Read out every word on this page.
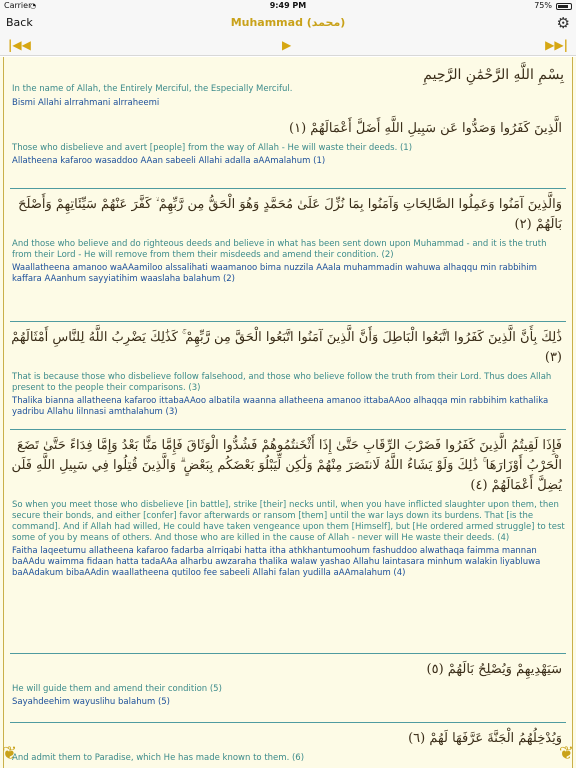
Carrier
◔	9:49 PM	75%
Back	Muhammad (محمد)	⚙
|◀◀	▶	▶▶|
بِسْمِ اللَّهِ الرَّحْمَٰنِ الرَّحِيمِ
In the name of Allah, the Entirely Merciful, the Especially Merciful.
Bismi Allahi alrrahmani alrraheemi
الَّذِينَ كَفَرُوا وَصَدُّوا عَن سَبِيلِ اللَّهِ أَضَلَّ أَعْمَالَهُمْ (١)
Those who disbelieve and avert [people] from the way of Allah - He will waste their deeds. (1)
Allatheena kafaroo wasaddoo AAan sabeeli Allahi adalla aAAmalahum (1)
وَالَّذِينَ آمَنُوا وَعَمِلُوا الصَّالِحَاتِ وَآمَنُوا بِمَا نُزِّلَ عَلَىٰ مُحَمَّدٍ وَهُوَ الْحَقُّ مِن رَّبِّهِمْ ۙ كَفَّرَ عَنْهُمْ سَيِّئَاتِهِمْ وَأَصْلَحَ بَالَهُمْ (٢)
And those who believe and do righteous deeds and believe in what has been sent down upon Muhammad - and it is the truth from their Lord - He will remove from them their misdeeds and amend their condition. (2)
Waallatheena amanoo waAAamiloo alssalihati waamanoo bima nuzzila AAala muhammadin wahuwa alhaqqu min rabbihim kaffara AAanhum sayyiatihim waaslaha balahum (2)
ذَٰلِكَ بِأَنَّ الَّذِينَ كَفَرُوا اتَّبَعُوا الْبَاطِلَ وَأَنَّ الَّذِينَ آمَنُوا اتَّبَعُوا الْحَقَّ مِن رَّبِّهِمْ ۚ كَذَٰلِكَ يَضْرِبُ اللَّهُ لِلنَّاسِ أَمْثَالَهُمْ (٣)
That is because those who disbelieve follow falsehood, and those who believe follow the truth from their Lord. Thus does Allah present to the people their comparisons. (3)
Thalika bianna allatheena kafaroo ittabaAAoo albatila waanna allatheena amanoo ittabaAAoo alhaqqa min rabbihim kathalika yadribu Allahu lilnnasi amthalahum (3)
فَإِذَا لَقِيتُمُ الَّذِينَ كَفَرُوا فَضَرْبَ الرِّقَابِ حَتَّىٰ إِذَا أَثْخَنتُمُوهُمْ فَشُدُّوا الْوَثَاقَ فَإِمَّا مَنًّا بَعْدُ وَإِمَّا فِدَاءً حَتَّىٰ تَضَعَ الْحَرْبُ أَوْزَارَهَا ۚ ذَٰلِكَ وَلَوْ يَشَاءُ اللَّهُ لَانتَصَرَ مِنْهُمْ وَلَٰكِن لِّيَبْلُوَ بَعْضَكُم بِبَعْضٍ ۗ وَالَّذِينَ قُتِلُوا فِي سَبِيلِ اللَّهِ فَلَن يُضِلَّ أَعْمَالَهُمْ (٤)
So when you meet those who disbelieve [in battle], strike [their] necks until, when you have inflicted slaughter upon them, then secure their bonds, and either [confer] favor afterwards or ransom [them] until the war lays down its burdens. That [is the command]. And if Allah had willed, He could have taken vengeance upon them [Himself], but [He ordered armed struggle] to test some of you by means of others. And those who are killed in the cause of Allah - never will He waste their deeds. (4)
Faitha laqeetumu allatheena kafaroo fadarba alrriqabi hatta itha athkhantumoohum fashuddoo alwathaqa faimma mannan baAAdu waimma fidaan hatta tadaAAa alharbu awzaraha thalika walaw yashao Allahu laintasara minhum walakin liyabluwa baAAdakum bibaAAdin waallatheena qutiloo fee sabeeli Allahi falan yudilla aAAmalahum (4)
سَيَهْدِيهِمْ وَيُصْلِحُ بَالَهُمْ (٥)
He will guide them and amend their condition (5)
Sayahdeehim wayuslihu balahum (5)
وَيُدْخِلُهُمُ الْجَنَّةَ عَرَّفَهَا لَهُمْ (٦)
And admit them to Paradise, which He has made known to them. (6)
❦	❦
